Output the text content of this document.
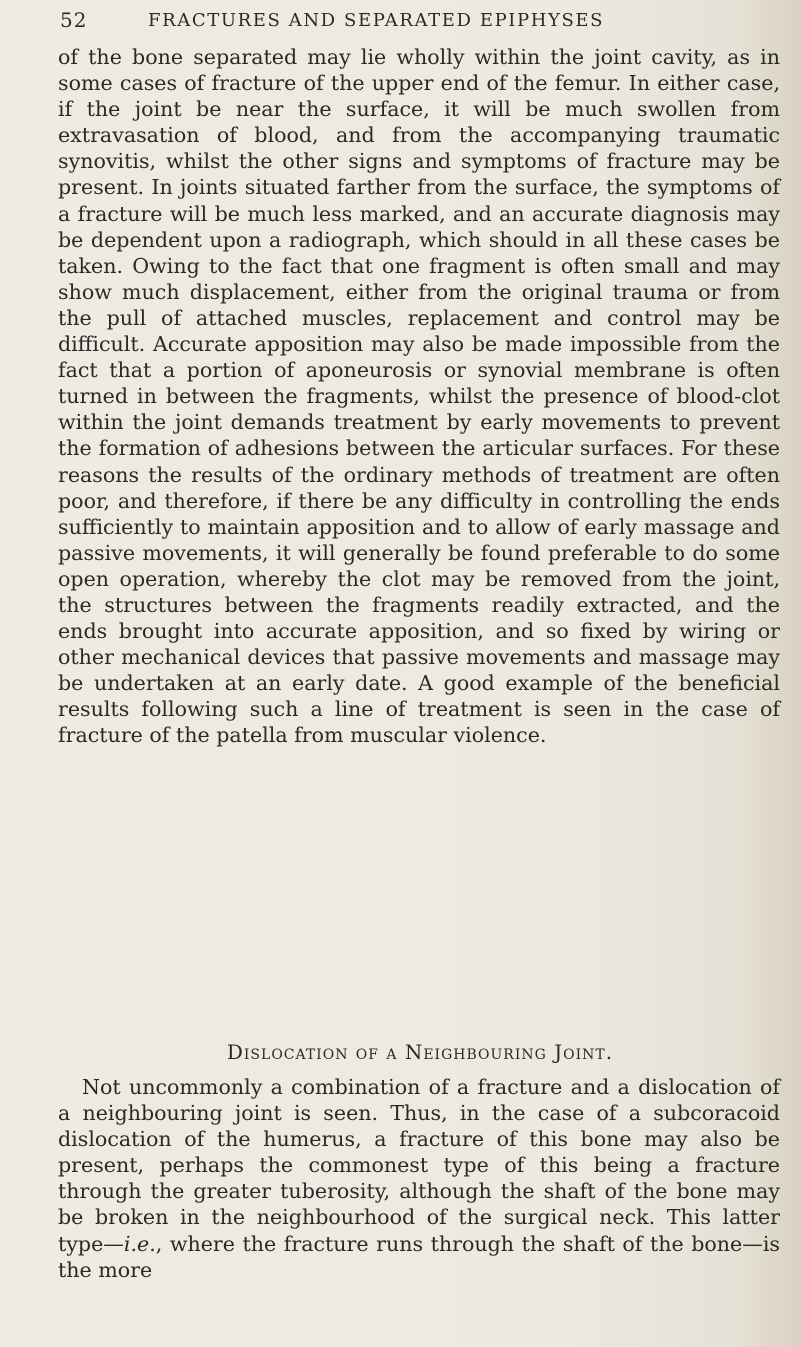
52	FRACTURES AND SEPARATED EPIPHYSES

of the bone separated may lie wholly within the joint cavity, as in some cases of fracture of the upper end of the femur. In either case, if the joint be near the surface, it will be much swollen from extravasation of blood, and from the accompanying traumatic synovitis, whilst the other signs and symptoms of fracture may be present. In joints situated farther from the surface, the symptoms of a fracture will be much less marked, and an accurate diagnosis may be dependent upon a radiograph, which should in all these cases be taken. Owing to the fact that one fragment is often small and may show much displacement, either from the original trauma or from the pull of attached muscles, replacement and control may be difficult. Accurate apposition may also be made impossible from the fact that a portion of aponeurosis or synovial membrane is often turned in between the fragments, whilst the presence of blood-clot within the joint demands treatment by early movements to prevent the formation of adhesions between the articular surfaces. For these reasons the results of the ordinary methods of treatment are often poor, and therefore, if there be any difficulty in controlling the ends sufficiently to maintain apposition and to allow of early massage and passive movements, it will generally be found preferable to do some open operation, whereby the clot may be removed from the joint, the structures between the fragments readily extracted, and the ends brought into accurate apposition, and so fixed by wiring or other mechanical devices that passive movements and massage may be undertaken at an early date. A good example of the beneficial results following such a line of treatment is seen in the case of fracture of the patella from muscular violence.

Dislocation of a Neighbouring Joint.

Not uncommonly a combination of a fracture and a dislocation of a neighbouring joint is seen. Thus, in the case of a subcoracoid dislocation of the humerus, a fracture of this bone may also be present, perhaps the commonest type of this being a fracture through the greater tuberosity, although the shaft of the bone may be broken in the neighbourhood of the surgical neck. This latter type—i.e., where the fracture runs through the shaft of the bone—is the more
